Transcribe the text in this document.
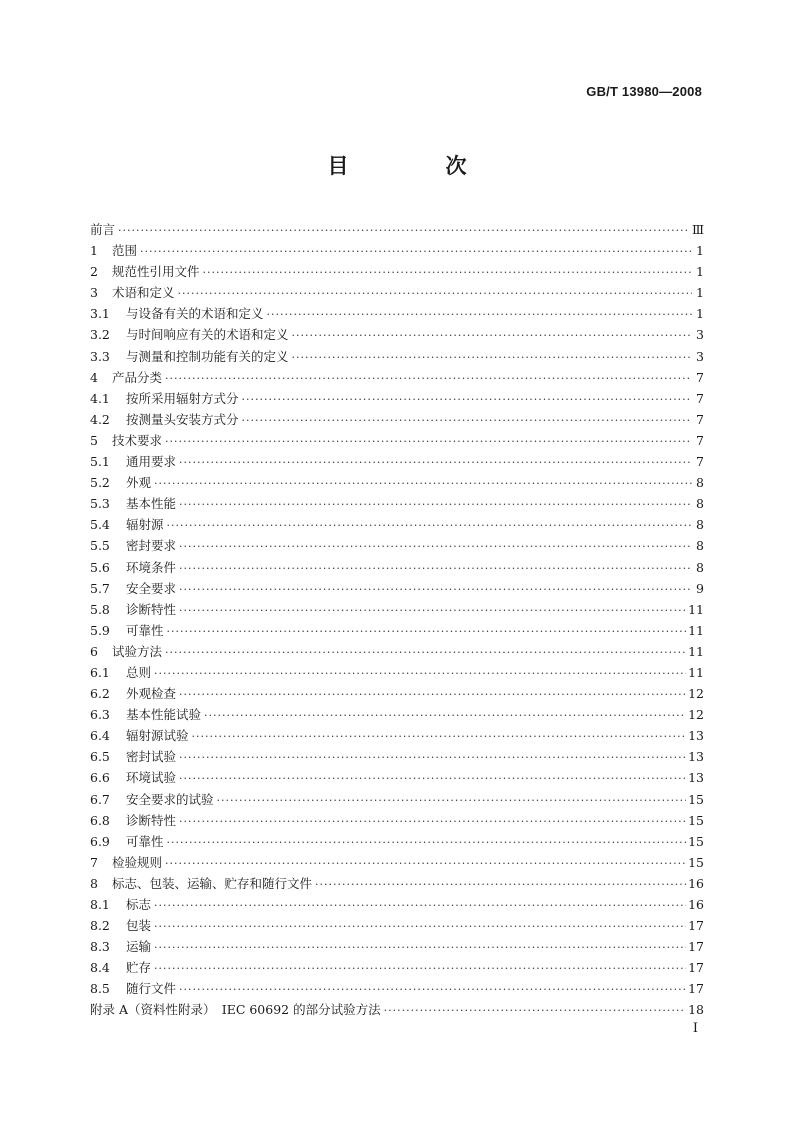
GB/T 13980—2008
目　次
前言 ·····	Ⅲ
1	范围 ·····	1
2	规范性引用文件 ·····	1
3	术语和定义 ·····	1
3.1	与设备有关的术语和定义 ·····	1
3.2	与时间响应有关的术语和定义 ·····	3
3.3	与测量和控制功能有关的定义 ·····	3
4	产品分类 ·····	7
4.1	按所采用辐射方式分 ·····	7
4.2	按测量头安装方式分 ·····	7
5	技术要求 ·····	7
5.1	通用要求 ·····	7
5.2	外观 ·····	8
5.3	基本性能 ·····	8
5.4	辐射源 ·····	8
5.5	密封要求 ·····	8
5.6	环境条件 ·····	8
5.7	安全要求 ·····	9
5.8	诊断特性 ·····	11
5.9	可靠性 ·····	11
6	试验方法 ·····	11
6.1	总则 ·····	11
6.2	外观检查 ·····	12
6.3	基本性能试验 ·····	12
6.4	辐射源试验 ·····	13
6.5	密封试验 ·····	13
6.6	环境试验 ·····	13
6.7	安全要求的试验 ·····	15
6.8	诊断特性 ·····	15
6.9	可靠性 ·····	15
7	检验规则 ·····	15
8	标志、包装、运输、贮存和随行文件 ·····	16
8.1	标志 ·····	16
8.2	包装 ·····	17
8.3	运输 ·····	17
8.4	贮存 ·····	17
8.5	随行文件 ·····	17
附录 A（资料性附录）　IEC 60692 的部分试验方法 ·····	18
Ⅰ
